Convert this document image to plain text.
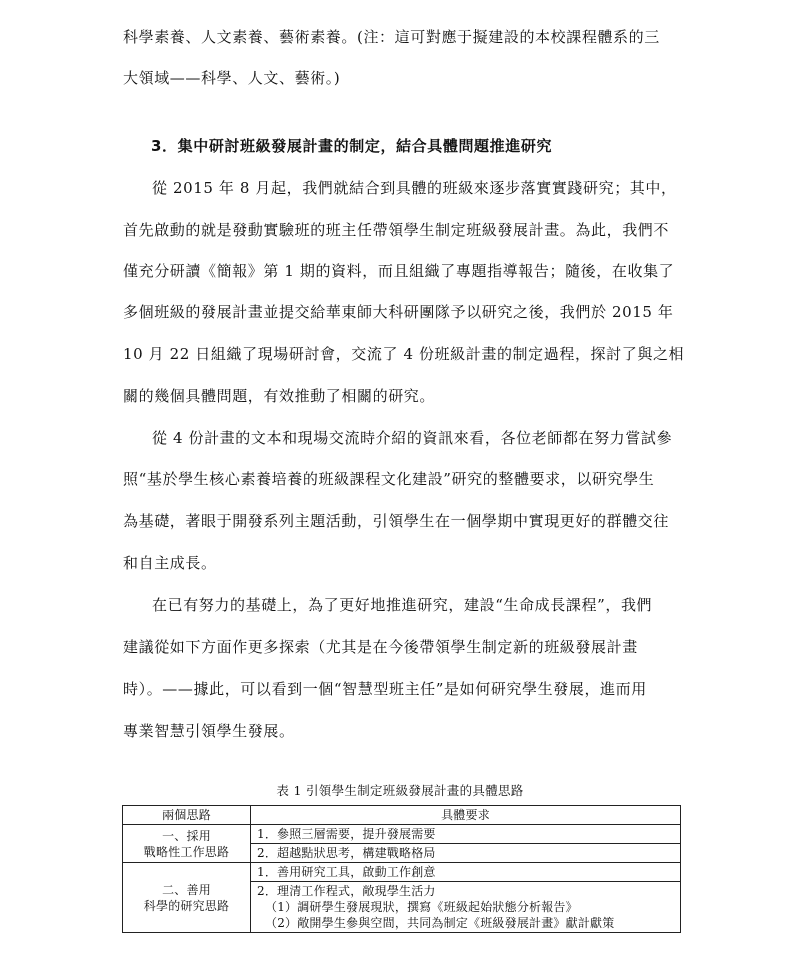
科學素養、人文素養、藝術素養。(注：這可對應于擬建設的本校課程體系的三
大領域——科學、人文、藝術。)
3．集中研討班級發展計畫的制定，結合具體問題推進研究
從 2015 年 8 月起，我們就結合到具體的班級來逐步落實實踐研究；其中，
首先啟動的就是發動實驗班的班主任帶領學生制定班級發展計畫。為此，我們不
僅充分研讀《簡報》第 1 期的資料，而且組織了專題指導報告；隨後，在收集了
多個班級的發展計畫並提交給華東師大科研團隊予以研究之後，我們於 2015 年
10 月 22 日組織了現場研討會，交流了 4 份班級計畫的制定過程，探討了與之相
關的幾個具體問題，有效推動了相關的研究。
從 4 份計畫的文本和現場交流時介紹的資訊來看，各位老師都在努力嘗試參
照“基於學生核心素養培養的班級課程文化建設”研究的整體要求，以研究學生
為基礎，著眼于開發系列主題活動，引領學生在一個學期中實現更好的群體交往
和自主成長。
在已有努力的基礎上，為了更好地推進研究，建設“生命成長課程”，我們
建議從如下方面作更多探索（尤其是在今後帶領學生制定新的班級發展計畫
時）。——據此，可以看到一個“智慧型班主任”是如何研究學生發展，進而用
專業智慧引領學生發展。
表 1 引領學生制定班級發展計畫的具體思路
兩個思路	具體要求

一、採用
戰略性工作思路	1．參照三層需要，提升發展需要
	2．超越點狀思考，構建戰略格局

二、善用
科學的研究思路	1．善用研究工具，啟動工作創意
	2．理清工作程式，敞現學生活力
（1）調研學生發展現狀，撰寫《班級起始狀態分析報告》
（2）敞開學生參與空間，共同為制定《班級發展計畫》獻計獻策
